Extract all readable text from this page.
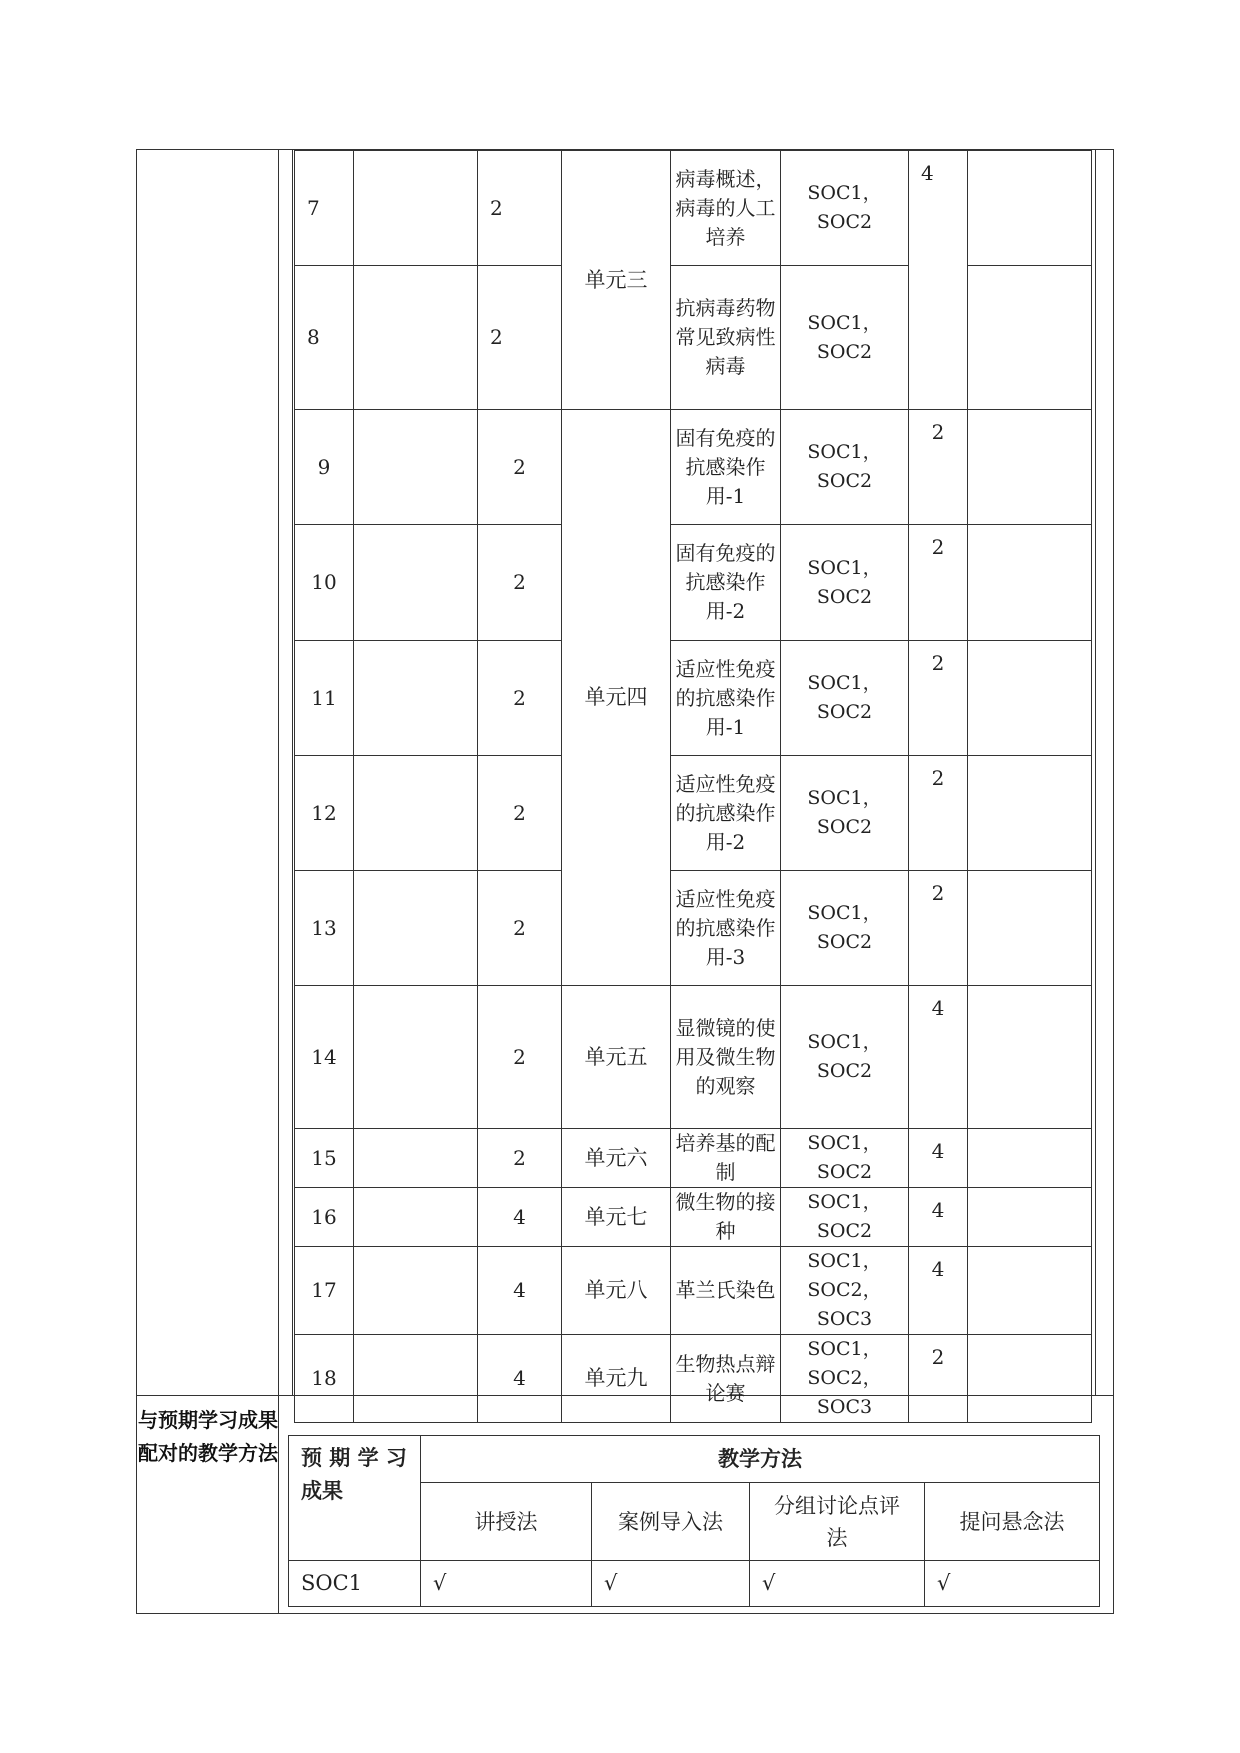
7		2	单元三	病毒概述，病毒的人工培养	SOC1，SOC2	4	
8		2		抗病毒药物常见致病性病毒	SOC1，SOC2		
9		2	单元四	固有免疫的抗感染作用-1	SOC1，SOC2	2	
10		2		固有免疫的抗感染作用-2	SOC1，SOC2	2	
11		2		适应性免疫的抗感染作用-1	SOC1，SOC2	2	
12		2		适应性免疫的抗感染作用-2	SOC1，SOC2	2	
13		2		适应性免疫的抗感染作用-3	SOC1，SOC2	2	
14		2	单元五	显微镜的使用及微生物的观察	SOC1，SOC2	4	
15		2	单元六	培养基的配制	SOC1，SOC2	4	
16		4	单元七	微生物的接种	SOC1，SOC2	4	
17		4	单元八	革兰氏染色	SOC1，SOC2，SOC3	4	
18		4	单元九	生物热点辩论赛	SOC1，SOC2，SOC3	2	
与预期学习成果配对的教学方法 预 期 学 习 成果	教学方法			
	讲授法	案例导入法	分组讨论点评法	提问悬念法
SOC1	√	√	√	√
